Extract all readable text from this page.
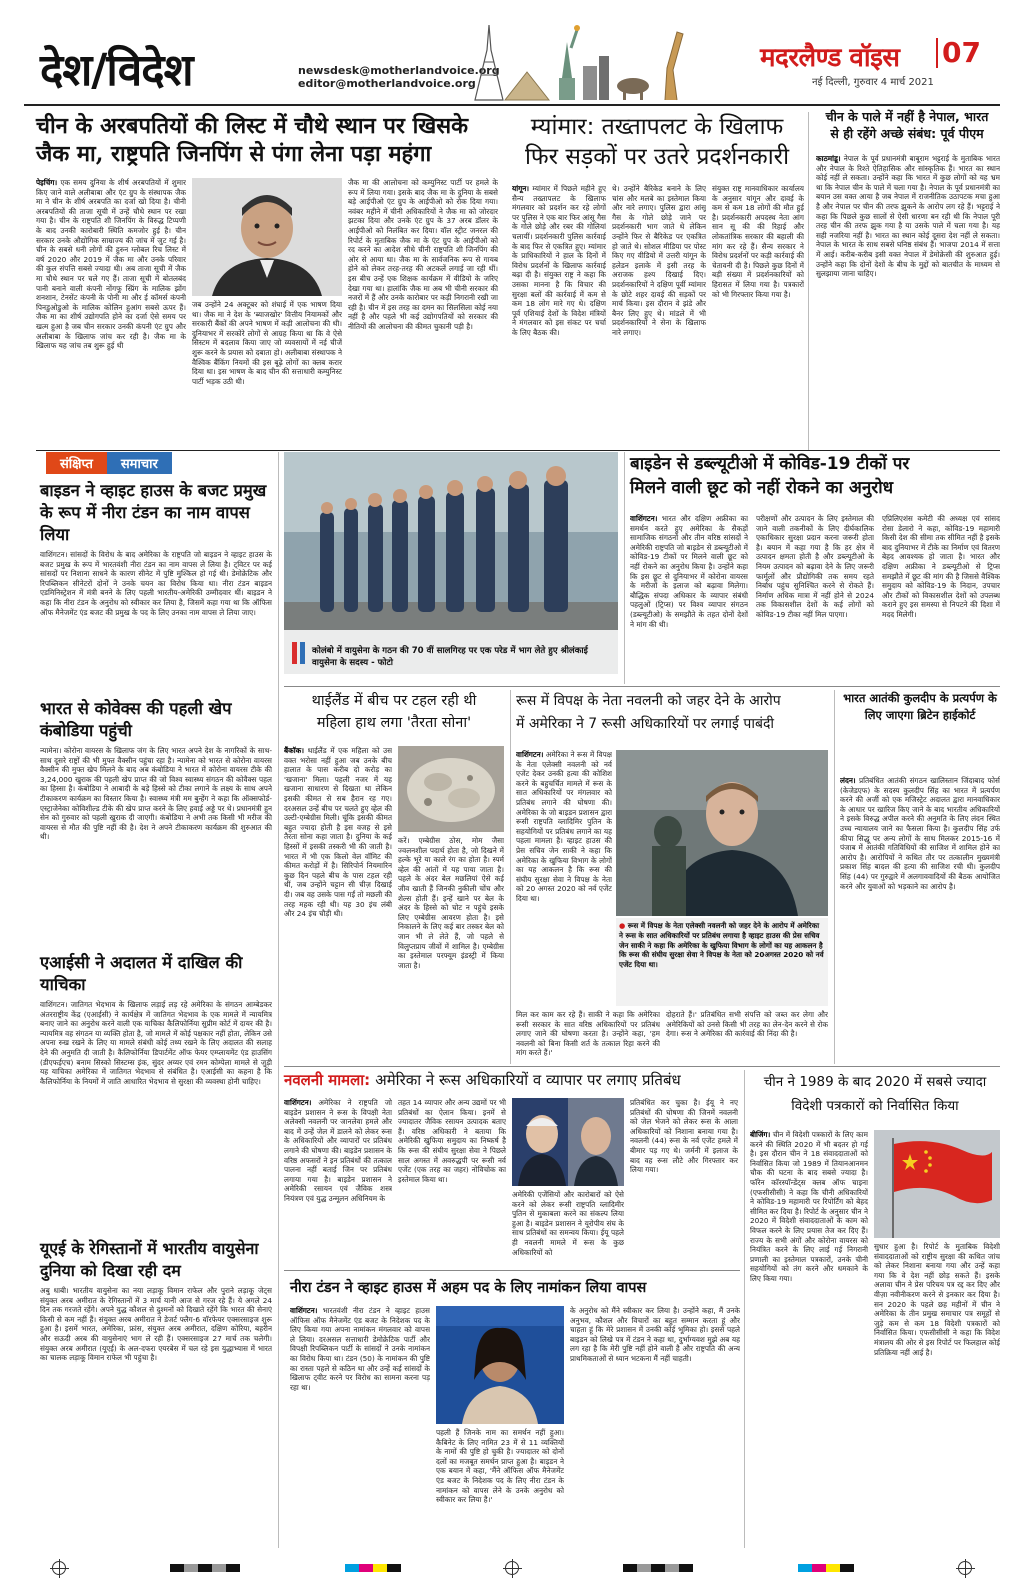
देश/विदेश	newsdesk@motherlandvoice.org
editor@motherlandvoice.org
मदरलैण्ड वॉइस 07
नई दिल्ली, गुरुवार 4 मार्च 2021
चीन के अरबपतियों की लिस्ट में चौथे स्थान पर खिसके
जैक मा, राष्ट्रपति जिनपिंग से पंगा लेना पड़ा महंगा
पेइचिंग। एक समय दुनिया के शीर्ष अरबपतियों में शुमार किए जाने वाले अलीबाबा और एंट ग्रुप के संस्थापक जैक मा ने चीन के शीर्ष अरबपति का दर्जा खो दिया है। चीनी अरबपतियों की ताजा सूची में उन्हें चौथे स्थान पर रखा गया है। चीन के राष्ट्रपति शी जिनपिंग के विरुद्ध टिप्पणी के बाद उनकी कारोबारी स्थिति कमजोर हुई है। चीन सरकार उनके औद्योगिक साम्राज्य की जांच में जुट गई है। चीन के सबसे धनी लोगों की हुरुन ग्लोबल रिच लिस्ट में वर्ष 2020 और 2019 में जैक मा और उनके परिवार की कुल संपत्ति सबसे ज्यादा थी। अब ताजा सूची में जैक मा चौथे स्थान पर चले गए हैं। ताजा सूची में बोतलबंद पानी बनाने वाली कंपनी नोंगफू स्प्रिंग के मालिक झोंग शनशान, टेनसेंट कंपनी के पोनी मा और ई कॉमर्स कंपनी पिनडुओडुओ के मालिक कोलिन हुआंग सबसे ऊपर हैं। जैक मा का शीर्ष उद्योगपति होने का दर्जा ऐसे समय पर खत्म हुआ है जब चीन सरकार उनकी कंपनी एंट ग्रुप और अलीबाबा के खिलाफ जांच कर रही है। जैक मा के खिलाफ यह जांच तब शुरू हुई थी
जब उन्होंने 24 अक्टूबर को शंघाई में एक भाषण दिया था। जैक मा ने देश के 'ब्याजखोर' वित्तीय नियामकों और सरकारी बैंकों की अपने भाषण में कड़ी आलोचना की थी। दुनियाभर में सरकोरे लोगों से आग्रह किया था कि वे ऐसे सिस्टम में बदलाव किया जाए जो व्यवसायों में नई चीजें शुरू करने के प्रयास को दबाता हो। अलीबाबा संस्थापक ने वैश्विक बैंकिंग नियमों की इस बूढ़े लोगों का क्लब करार दिया था। इस भाषण के बाद चीन की सत्ताधारी कम्युनिस्ट पार्टी भड़क उठी थी।
जैक मा की आलोचना को कम्युनिस्ट पार्टी पर हमले के रूप में लिया गया। इसके बाद जैक मा के दुनिया के सबसे बड़े आईपीओ एंट ग्रुप के आईपीओ को रोक दिया गया। नवंबर महीने में चीनी अधिकारियों ने जैक मा को जोरदार झटका दिया और उनके एंट ग्रुप के 37 अरब डॉलर के आईपीओ को निलंबित कर दिया। वॉल स्ट्रीट जनरल की रिपोर्ट के मुताबिक जैक मा के एंट ग्रुप के आईपीओ को रद करने का आदेश सीधे चीनी राष्ट्रपति शी जिनपिंग की ओर से आया था। जैक मा के सार्वजनिक रूप से गायब होने को लेकर तरह-तरह की अटकलें लगाई जा रही थीं। इस बीच उन्हें एक शिक्षक कार्यक्रम में वीडियो के जरिए देखा गया था। हालांकि जैक मा अब भी चीनी सरकार की नजरों में हैं और उनके कारोबार पर कड़ी निगरानी रखी जा रही है। चीन में इस तरह का दमन का सिलसिला कोई नया नहीं है और पहले भी कई उद्योगपतियों को सरकार की नीतियों की आलोचना की कीमत चुकानी पड़ी है।
म्यांमार: तख्तापलट के खिलाफ
फिर सड़कों पर उतरे प्रदर्शनकारी
यांगून। म्यांमार में पिछले महीने हुए सैन्य तख्तापलट के खिलाफ मंगलवार को प्रदर्शन कर रहे लोगों पर पुलिस ने एक बार फिर आंसू गैस के गोले छोड़े और रबर की गोलियां चलायीं। प्रदर्शनकारी पुलिस कार्रवाई के बाद फिर से एकत्रित हुए। म्यांमार के प्राधिकारियों ने हाल के दिनों में विरोध प्रदर्शनों के खिलाफ कार्रवाई बढ़ा दी है। संयुक्त राष्ट्र ने कहा कि उसका मानना है कि विचार की सुरक्षा बलों की कार्रवाई में कम से कम 18 लोग मारे गए थे। दक्षिण पूर्व एशियाई देशों के विदेश मंत्रियों ने मंगलवार को इस संकट पर चर्चा के लिए बैठक की।
थे। उन्होंने बैरिकेड बनाने के लिए चांस और मलबे का इस्तेमाल किया और नारे लगाए। पुलिस द्वारा आंसू गैस के गोले छोड़े जाने पर प्रदर्शनकारी भाग जाते थे लेकिन उन्होंने फिर से बैरिकेड पर एकत्रित हो जाते थे। सोशल मीडिया पर पोस्ट किए गए वीडियो में उत्तरी यांगून के हलेडन इलाके में इसी तरह के अराजक हश्य दिखाई दिए। प्रदर्शनकारियों ने दक्षिण पूर्वी म्यांमार के छोटे शहर दावई की सड़कों पर मार्च किया। इस दौरान वे झंडे और बैनर लिए हुए थे। मांडले में भी प्रदर्शनकारियों ने सेना के खिलाफ नारे लगाए।
संयुक्त राष्ट्र मानवाधिकार कार्यालय के अनुसार यांगून और दावई के कम से कम 18 लोगों की मौत हुई है। प्रदर्शनकारी अपदस्थ नेता आंग सान सू की की रिहाई और लोकतांत्रिक सरकार की बहाली की मांग कर रहे हैं। सैन्य सरकार ने विरोध प्रदर्शनों पर कड़ी कार्रवाई की चेतावनी दी है। पिछले कुछ दिनों में बड़ी संख्या में प्रदर्शनकारियों को हिरासत में लिया गया है। पत्रकारों को भी गिरफ्तार किया गया है।
चीन के पाले में नहीं है नेपाल, भारत
से ही रहेंगे अच्छे संबंध: पूर्व पीएम
काठमांडू। नेपाल के पूर्व प्रधानमंत्री बाबूराम भट्टराई के मुताबिक भारत और नेपाल के रिश्ते ऐतिहासिक और सांस्कृतिक हैं। भारत का स्थान कोई नहीं ले सकता। उन्होंने कहा कि भारत में कुछ लोगों को यह भ्रम था कि नेपाल चीन के पाले में चला गया है। नेपाल के पूर्व प्रधानमंत्री का बयान उस वक्त आया है जब नेपाल में राजनीतिक उठापटक मचा हुआ है और नेपाल पर चीन की तरफ झुकने के आरोप लग रहे हैं। भट्टराई ने कहा कि पिछले कुछ सालों से ऐसी धारणा बन रही थी कि नेपाल पूरी तरह चीन की तरफ झुक गया है या उसके पाले में चला गया है। यह सही नजरिया नहीं है। भारत का स्थान कोई दूसरा देश नहीं ले सकता। नेपाल के भारत के साथ सबसे घनिष्ठ संबंध हैं। भाजपा 2014 में सत्ता में आई। करीब-करीब इसी वक्त नेपाल में डेमोक्रेसी की शुरुआत हुई। उन्होंने कहा कि दोनों देशों के बीच के मुद्दों को बातचीत के माध्यम से सुलझाया जाना चाहिए।
संक्षिप्त	समाचार
बाइडन ने व्हाइट हाउस के बजट प्रमुख के रूप में नीरा टंडन का नाम वापस लिया
वाशिंगटन। सांसदों के विरोध के बाद अमेरिका के राष्ट्रपति जो बाइडन ने व्हाइट हाउस के बजट प्रमुख के रूप में भारतवंशी नीरा टंडन का नाम वापस ले लिया है। ट्विटर पर कई सांसदों पर निशाना साधने के कारण सीनेट में पुष्टि मुश्किल हो गई थी। डेमोक्रेटिक और रिपब्लिकन सीनेटरों दोनों ने उनके चयन का विरोध किया था। नीरा टंडन बाइडन एडमिनिस्ट्रेशन में मंत्री बनने के लिए पहली भारतीय-अमेरिकी उम्मीदवार थीं। बाइडन ने कहा कि नीरा टंडन के अनुरोध को स्वीकार कर लिया है, जिसमें कहा गया था कि ऑफिस ऑफ मैनेजमेंट एंड बजट की प्रमुख के पद के लिए उनका नाम वापस ले लिया जाए।
भारत से कोवेक्स की पहली खेप कंबोडिया पहुंची
न्यामेना। कोरोना वायरस के खिलाफ जंग के लिए भारत अपने देश के नागरिकों के साथ-साथ दूसरे राष्ट्रों की भी मुफ्त वैक्सीन पहुंचा रहा है। न्यामेना को भारत से कोरोना वायरस वैक्सीन की मुफ्त खेप मिलने के बाद अब कंबोडिया ने भारत में कोरोना वायरस टीके की 3,24,000 खुराक की पहली खेप प्राप्त की जो विश्व स्वास्थ्य संगठन की कोवैक्स पहल का हिस्सा है। कंबोडिया ने आबादी के बड़े हिस्से को टीका लगाने के लक्ष्य के साथ अपने टीकाकरण कार्यक्रम का विस्तार किया है। स्वास्थ्य मंत्री मम बुन्हेंग ने कहा कि ऑक्सफोर्ड-एस्ट्राजेनेका कोविशील्ड टीके की खेप प्राप्त करने के लिए हवाई अड्डे पर थे। प्रधानमंत्री हुन सेन को गुरुवार को पहली खुराक दी जाएगी। कंबोडिया ने अभी तक किसी भी मरीज की वायरस से मौत की पुष्टि नहीं की है। देश ने अपने टीकाकरण कार्यक्रम की शुरुआत की थी।
एआईसी ने अदालत में दाखिल की याचिका
वाशिंगटन। जातिगत भेदभाव के खिलाफ लड़ाई लड़ रहे अमेरिका के संगठन आम्बेडकर अंतरराष्ट्रीय केंद्र (एआईसी) ने कार्यक्षेत्र में जातिगत भेदभाव के एक मामले में न्यायमित्र बनाए जाने का अनुरोध करने वाली एक याचिका कैलिफोर्निया सुप्रीम कोर्ट में दायर की है। न्यायमित्र वह संगठन या व्यक्ति होता है, जो मामले में कोई पक्षकार नहीं होता, लेकिन उसे अपना रुख रखने के लिए या मामले संबंधी कोई तथ्य रखने के लिए अदालत की सलाह देने की अनुमति दी जाती है। कैलिफोर्निया डिपार्टमेंट ऑफ फेयर एम्प्लायमेंट एंड हाउसिंग (डीएफईएच) बनाम सिस्को सिस्टम्स इंक, सुंदर अय्यर एवं रमन कोम्पेला मामले से जुड़ी यह याचिका अमेरिका में जातिगत भेदभाव से संबंधित है। एआईसी का कहना है कि कैलिफोर्निया के नियमों में जाति आधारित भेदभाव से सुरक्षा की व्यवस्था होनी चाहिए।
यूएई के रेगिस्तानों में भारतीय वायुसेना दुनिया को दिखा रही दम
अबु धाबी। भारतीय वायुसेना का नया लड़ाकू विमान राफेल और पुराने लड़ाकू जेट्स संयुक्त अरब अमीरात के रेगिस्तानों में 3 मार्च यानी आज से गरज रहे हैं। ये अगले 24 दिन तक गरजते रहेंगे। अपने युद्ध कौशल से दुश्मनों को दिखाते रहेंगे कि भारत की सेनाएं किसी से कम नहीं हैं। संयुक्त अरब अमीरात ने डेजर्ट फ्लैग-6 वॉरफेयर एक्सरसाइज शुरू हुआ है। इसमें भारत, अमेरिका, फ्रांस, संयुक्त अरब अमीरात, दक्षिण कोरिया, बहरीन और सऊदी अरब की वायुसेनाएं भाग ले रही हैं। एक्सरसाइज 27 मार्च तक चलेगी। संयुक्त अरब अमीरात (यूएई) के अल-दफरा एयरबेस में चल रहे इस युद्धाभ्यास में भारत का चालक लड़ाकू विमान राफेल भी पहुंचा है।
कोलंबो में वायुसेना के गठन की 70 वीं सालगिरह पर एक परेड में भाग लेते हुए श्रीलंकाई वायुसेना के सदस्य - फोटो
बाइडेन से डब्ल्यूटीओ में कोविड-19 टीकों पर
मिलने वाली छूट को नहीं रोकने का अनुरोध
वाशिंगटन। भारत और दक्षिण अफ्रीका का समर्थन करते हुए अमेरिका के सैकड़ों सामाजिक संगठनों और तीन वरिष्ठ सांसदों ने अमेरिकी राष्ट्रपति जो बाइडेन से डब्ल्यूटीओ में कोविड-19 टीकों पर मिलने वाली छूट को नहीं रोकने का अनुरोध किया है। उन्होंने कहा कि इस छूट से दुनियाभर में कोरोना वायरस के मरीजों के इलाज को बढ़ावा मिलेगा। बौद्धिक संपदा अधिकार के व्यापार संबंधी पहलुओं (ट्रिप्स) पर विश्व व्यापार संगठन (डब्ल्यूटीओ) के समझौते के तहत दोनों देशों ने मांग की थी।
परीक्षणों और उत्पादन के लिए इस्तेमाल की जाने वाली तकनीकों के लिए दीर्घकालिक एकाधिकार सुरक्षा प्रदान करना जरूरी होता है। बयान में कहा गया है कि हर क्षेत्र में उत्पादन क्षमता होती है और डब्ल्यूटीओ के नियम उत्पादन को बढ़ावा देने के लिए जरूरी फार्मूलों और प्रौद्योगिकी तक समय रहते निर्बाध पहुंच सुनिश्चित करने से रोकते हैं। निर्माण अधिक मात्रा में नहीं होने से 2024 तक विकासशील देशों के कई लोगों को कोविड-19 टीका नहीं मिल पाएगा।
एप्रिलिएशंस कमेटी की अध्यक्ष एवं सांसद रोसा डेलारो ने कहा, कोविड-19 महामारी किसी देश की सीमा तक सीमित नहीं है इसके बाद दुनियाभर में टीके का निर्माण एवं वितरण बेहद आवश्यक हो जाता है। भारत और दक्षिण अफ्रीका ने डब्ल्यूटीओ से ट्रिप्स समझौते में छूट की मांग की है जिससे वैश्विक समुदाय को कोविड-19 के निदान, उपचार और टीकों को विकासशील देशों को उपलब्ध कराने हुए इस समस्या से निपटने की दिशा में मदद मिलेगी।
थाईलैंड में बीच पर टहल रही थी
महिला हाथ लगा 'तैरता सोना'
बैंकॉक। थाईलैंड में एक महिला को उस वक्त भरोसा नहीं हुआ जब उनके बीच हालात के पास करीब दो करोड़ का 'खजाना' मिला। पहली नजर में यह खजाना साधारण से दिखता था लेकिन इसकी कीमत से सब हैरान रह गए। दरअसल उन्हें बीच पर चलते हुए व्हेल की उल्टी-एम्बेग्रीस मिली। चूंकि इसकी कीमत बहुत ज्यादा होती है इस वजह से इसे तैरता सोना कहा जाता है। दुनिया के कई हिस्सों में इसकी तस्करी भी की जाती है। भारत में भी एक किलो वेल वॉमिट की कीमत करोड़ों में है। सिरिपोर्न नियमारिन कुछ दिन पहले बीच के पास टहल रही थीं, जब उन्होंने चट्टान सी चीज़ दिखाई दी। जब वह उसके पास गईं तो मछली की तरह महक रही थी। यह 30 इंच लंबी और 24 इंच चौड़ी थी।
करें। एम्बेग्रीस ठोस, मोम जैसा ज्वलनशील पदार्थ होता है, जो दिखने में हल्के भूरे या काले रंग का होता है। स्पर्म व्हेल की आंतों में यह पाया जाता है। पहले के अंदर बेल मछलियां ऐसे कई जीव खाती हैं जिनकी नुकीली चोंच और शेल्स होती हैं। इन्हें खाने पर बेल के अंदर के हिस्से को चोट न पहुंचे इसके लिए एम्बेग्रीस आवरण होता है। इसे निकालने के लिए कई बार तस्कर बेल को जान भी ले लेते हैं, जो पहले से विलुप्तप्राय जीवों में शामिल है। एम्बेग्रीस का इस्तेमाल परफ्यूम इंडस्ट्री में किया जाता है।
रूस में विपक्ष के नेता नवलनी को जहर देने के आरोप
में अमेरिका ने 7 रूसी अधिकारियों पर लगाई पाबंदी
वाशिंगटन। अमेरिका ने रूस में विपक्ष के नेता एलेक्सी नवलनी को नर्व एजेंट देकर उनकी हत्या की कोशिश करने के बहुचर्चित मामले में रूस के सात अधिकारियों पर मंगलवार को प्रतिबंध लगाने की घोषणा की। अमेरिका के जो बाइडन प्रशासन द्वारा रूसी राष्ट्रपति व्लादिमिर पुतिन के सहयोगियों पर प्रतिबंध लगाने का यह पहला मामला है। व्हाइट हाउस की प्रेस सचिव जेन साकी ने कहा कि अमेरिका के खुफिया विभाग के लोगों का यह आकलन है कि रूस की संघीय सुरक्षा सेवा ने विपक्ष के नेता को 20 अगस्त 2020 को नर्व एजेंट दिया था।
● रूस में विपक्ष के नेता एलेक्सी नवलनी को जहर देने के आरोप में अमेरिका ने रूस के सात अधिकारियों पर प्रतिबंध लगाया है व्हाइट हाउस की प्रेस सचिव जेन साकी ने कहा कि अमेरिका के खुफिया विभाग के लोगों का यह आकलन है कि रूस की संघीय सुरक्षा सेवा ने विपक्ष के नेता को 20अगस्त 2020 को नर्व एजेंट दिया था।
मिल कर काम कर रहे हैं। साकी ने कहा कि अमेरिका रूसी सरकार के सात वरिष्ठ अधिकारियों पर प्रतिबंध लगाए जाने की घोषणा करता है। उन्होंने कहा, 'हम नवलनी को बिना किसी शर्त के तत्काल रिहा करने की मांग करते हैं।'
दोहराते हैं।' प्रतिबंधित सभी संपत्ति को जब्त कर लेगा और अमेरिकियों को उनसे किसी भी तरह का लेन-देन करने से रोक देगा। रूस ने अमेरिका की कार्रवाई की निंदा की है।
भारत आतंकी कुलदीप के प्रत्यर्पण के लिए जाएगा ब्रिटेन हाईकोर्ट
लंदन। प्रतिबंधित आतंकी संगठन खालिस्तान जिंदाबाद फोर्स (केजेडएफ) के सदस्य कुलदीप सिंह का भारत में प्रत्यर्पण करने की अर्जी को एक मजिस्ट्रेट अदालत द्वारा मानवाधिकार के आधार पर खारिज किए जाने के बाद भारतीय अधिकारियों ने इसके विरुद्ध अपील करने की अनुमति के लिए लंदन स्थित उच्च न्यायालय जाने का फैसला किया है। कुलदीप सिंह उर्फ कीपा सिद्धू पर अन्य लोगों के साथ मिलकर 2015-16 में पंजाब में आतंकी गतिविधियों की साजिश में शामिल होने का आरोप है। आरोपियों ने कथित तौर पर तत्कालीन मुख्यमंत्री प्रकाश सिंह बादल की हत्या की साजिश रची थी। कुलदीप सिंह (44) पर गुरुद्वारे में अलगाववादियों की बैठक आयोजित करने और युवाओं को भड़काने का आरोप है।
नवलनी मामला: अमेरिका ने रूस अधिकारियों व व्यापार पर लगाए प्रतिबंध
वाशिंगटन। अमेरिका ने राष्ट्रपति जो बाइडेन प्रशासन ने रूस के विपक्षी नेता अलेक्सी नवलनी पर जानलेवा हमले और बाद में उन्हें जेल में डालने को लेकर रूस के अधिकारियों और व्यापारों पर प्रतिबंध लगाने की घोषणा की। बाइडेन प्रशासन के वरिष्ठ अफसरों ने इन प्रतिबंधों की तत्काल पालना नहीं बताई जिन पर प्रतिबंध लगाया गया है। बाइडेन प्रशासन ने अमेरिकी रसायन एवं जैविक शस्त्र नियंत्रण एवं युद्ध उन्मूलन अधिनियम के
तहत 14 व्यापार और अन्य उद्यमों पर भी प्रतिबंधों का ऐलान किया। इनमें से ज्यादातर जैविक रसायन उत्पादक बताए हैं। वरिष्ठ अधिकारी ने बताया कि अमेरिकी खुफिया समुदाय का निष्कर्ष है कि रूस की संघीय सुरक्षा सेवा ने पिछले साल अगस्त में अवरुद्धपी पर रूसी नर्व एजेंट (एक तरह का जहर) नोविचोक का इस्तेमाल किया था।
अमेरिकी एजेंसियों और कारोबारों को ऐसे करने को लेकर रूसी राष्ट्रपति व्लादिमीर पुतिन से मुकाबला करने का संकल्प लिया हुआ है। बाइडेन प्रशासन ने यूरोपीय संघ के साथ प्रतिबंधों का समन्वय किया। ईयू पहले ही नवलनी मामले में रूस के कुछ अधिकारियों को
प्रतिबंधित कर चुका है। ईयू ने नए प्रतिबंधों की घोषणा की जिनमें नवलनी को जेल भेजने को लेकर रूस के आला अधिकारियों को निशाना बनाया गया है। नवलनी (44) रूस के नर्व एजेंट हमले में बीमार पड़ गए थे। जर्मनी में इलाज के बाद वह रूस लौटे और गिरफ्तार कर लिया गया।
चीन ने 1989 के बाद 2020 में सबसे ज्यादा
विदेशी पत्रकारों को निर्वासित किया
बीजिंग। चीन में विदेशी पत्रकारों के लिए काम करने की स्थिति 2020 में भी बदतर हो गई है। इस दौरान चीन ने 18 संवाददाताओं को निर्वासित किया जो 1989 में तियानआनमन चौक की घटना के बाद सबसे ज्यादा है। फॉरेन कॉरस्पॉन्डेंट्स क्लब ऑफ चाइना (एफसीसीसी) ने कहा कि चीनी अधिकारियों ने कोविड-19 महामारी पर रिपोर्टिंग को बेहद सीमित कर दिया है। रिपोर्ट के अनुसार चीन ने 2020 में विदेशी संवाददाताओं के काम को विफल करने के लिए प्रयास तेज कर दिए हैं। राज्य के सभी अंगों और कोरोना वायरस को नियंत्रित करने के लिए लाई गई निगरानी प्रणाली का इस्तेमाल पत्रकारों, उनके चीनी सहयोगियों को तंग करने और धमकाने के लिए किया गया।
सुधार हुआ है। रिपोर्ट के मुताबिक विदेशी संवाददाताओं को राष्ट्रीय सुरक्षा की कथित जांच को लेकर निशाना बनाया गया और उन्हें कहा गया कि वे देश नहीं छोड़ सकते हैं। इसके अलावा चीन ने प्रेस परिचय पत्र रद्द कर दिए और वीज़ा नवीनीकरण करने से इनकार कर दिया है। सन 2020 के पहले छह महीनों में चीन ने अमेरिका के तीन प्रमुख समाचार पत्र समूहों से जुड़े कम से कम 18 विदेशी पत्रकारों को निर्वासित किया। एफसीसीसी ने कहा कि विदेश मंत्रालय की ओर से इस रिपोर्ट पर फिलहाल कोई प्रतिक्रिया नहीं आई है।
नीरा टंडन ने व्हाइट हाउस में अहम पद के लिए नामांकन लिया वापस
वाशिंगटन। भारतवंशी नीरा टंडन ने व्हाइट हाउस ऑफिस ऑफ मैनेजमेंट एंड बजट के निदेशक पद के लिए किया गया अपना नामांकन मंगलवार को वापस ले लिया। दरअसल सत्ताधारी डेमोक्रेटिक पार्टी और विपक्षी रिपब्लिकन पार्टी के सांसदों ने उनके नामांकन का विरोध किया था। टंडन (50) के नामांकन की पुष्टि का रास्ता पहले से कठिन था और उन्हें कई सांसदों के खिलाफ ट्वीट करने पर विरोध का सामना करना पड़ रहा था।
पहली हैं जिनके नाम का समर्थन नहीं हुआ। कैबिनेट के लिए नामित 23 में से 11 व्यक्तियों के नामों की पुष्टि हो चुकी है। ज्यादातर को दोनों दलों का मजबूत समर्थन प्राप्त हुआ है। बाइडन ने एक बयान में कहा, 'मैंने ऑफिस ऑफ मैनेजमेंट एंड बजट के निदेशक पद के लिए नीरा टंडन के नामांकन को वापस लेने के उनके अनुरोध को स्वीकार कर लिया है।'
के अनुरोध को मैंने स्वीकार कर लिया है। उन्होंने कहा, मैं उनके अनुभव, कौशल और विचारों का बहुत सम्मान करता हूं और चाहता हूं कि मेरे प्रशासन में उनकी कोई भूमिका हो। इससे पहले बाइडन को लिखे पत्र में टंडन ने कहा था, दुर्भाग्यवश मुझे अब यह लग रहा है कि मेरी पुष्टि नहीं होने वाली है और राष्ट्रपति की अन्य प्राथमिकताओं से ध्यान भटकना मैं नहीं चाहती।
